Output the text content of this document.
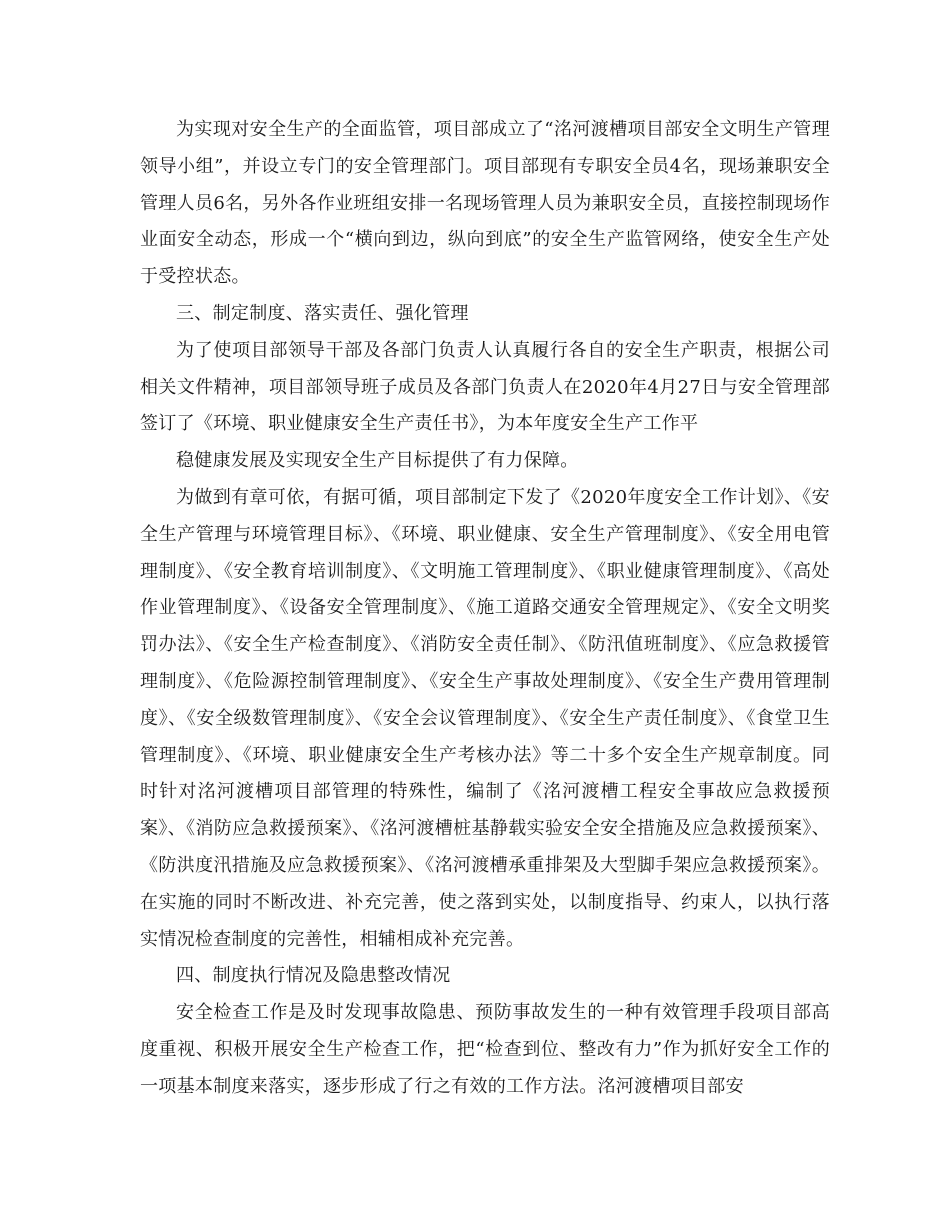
为实现对安全生产的全面监管，项目部成立了“洺河渡槽项目部安全文明生产管理领导小组”，并设立专门的安全管理部门。项目部现有专职安全员4名，现场兼职安全管理人员6名，另外各作业班组安排一名现场管理人员为兼职安全员，直接控制现场作业面安全动态，形成一个“横向到边，纵向到底”的安全生产监管网络，使安全生产处于受控状态。

三、制定制度、落实责任、强化管理

为了使项目部领导干部及各部门负责人认真履行各自的安全生产职责，根据公司相关文件精神，项目部领导班子成员及各部门负责人在2020年4月27日与安全管理部签订了《环境、职业健康安全生产责任书》，为本年度安全生产工作平

稳健康发展及实现安全生产目标提供了有力保障。

为做到有章可依，有据可循，项目部制定下发了《2020年度安全工作计划》、《安全生产管理与环境管理目标》、《环境、职业健康、安全生产管理制度》、《安全用电管理制度》、《安全教育培训制度》、《文明施工管理制度》、《职业健康管理制度》、《高处作业管理制度》、《设备安全管理制度》、《施工道路交通安全管理规定》、《安全文明奖罚办法》、《安全生产检查制度》、《消防安全责任制》、《防汛值班制度》、《应急救援管理制度》、《危险源控制管理制度》、《安全生产事故处理制度》、《安全生产费用管理制度》、《安全级数管理制度》、《安全会议管理制度》、《安全生产责任制度》、《食堂卫生管理制度》、《环境、职业健康安全生产考核办法》等二十多个安全生产规章制度。同时针对洺河渡槽项目部管理的特殊性，编制了《洺河渡槽工程安全事故应急救援预案》、《消防应急救援预案》、《洺河渡槽桩基静载实验安全安全措施及应急救援预案》、《防洪度汛措施及应急救援预案》、《洺河渡槽承重排架及大型脚手架应急救援预案》。在实施的同时不断改进、补充完善，使之落到实处，以制度指导、约束人，以执行落实情况检查制度的完善性，相辅相成补充完善。

四、制度执行情况及隐患整改情况

安全检查工作是及时发现事故隐患、预防事故发生的一种有效管理手段项目部高度重视、积极开展安全生产检查工作，把“检查到位、整改有力”作为抓好安全工作的一项基本制度来落实，逐步形成了行之有效的工作方法。洺河渡槽项目部安
